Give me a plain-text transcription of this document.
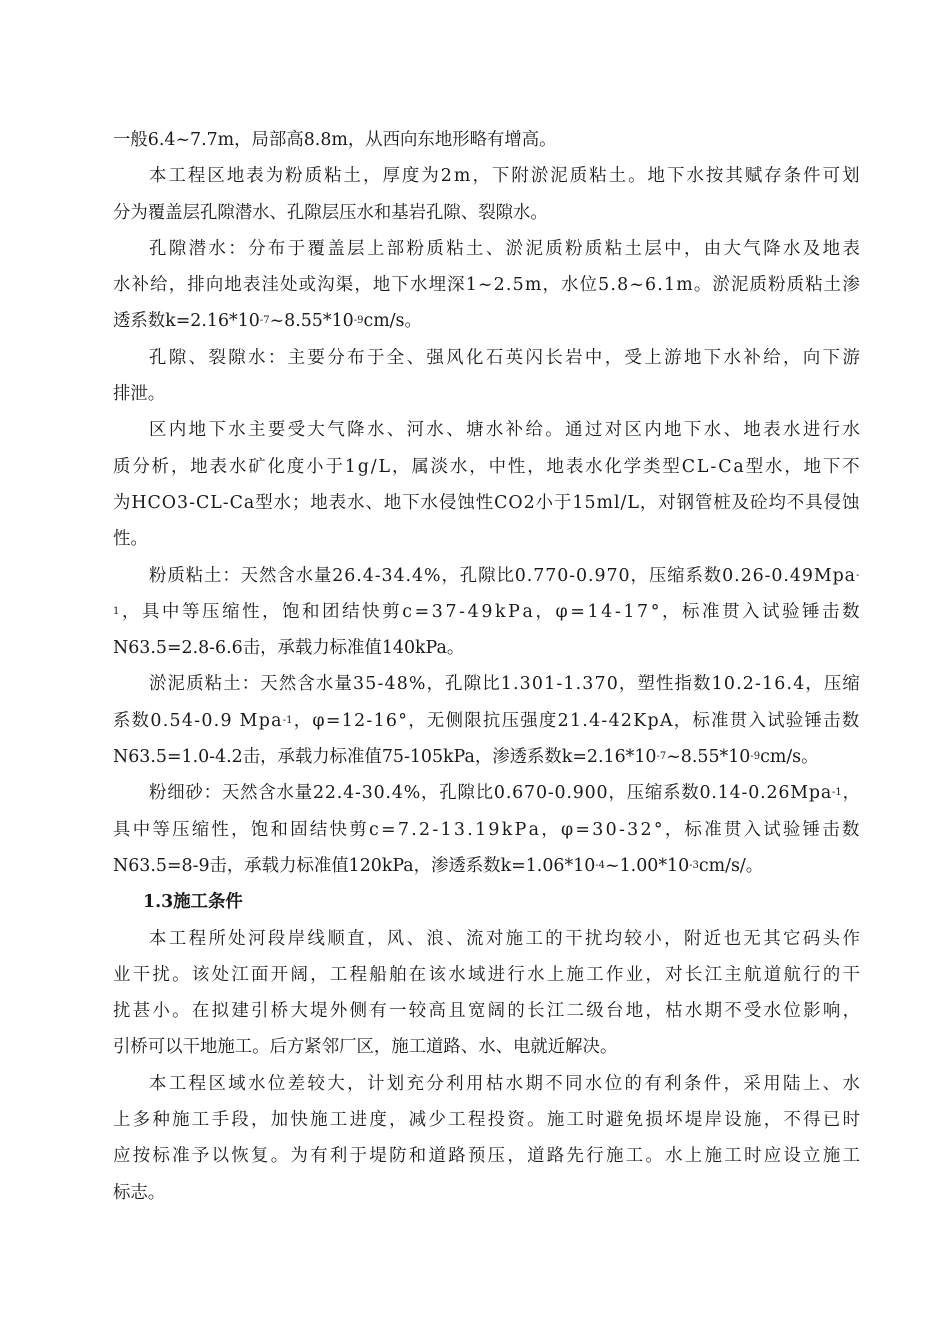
一般6.4~7.7m，局部高8.8m，从西向东地形略有增高。
本 工 程 区 地 表 为 粉 质 粘 土 ， 厚 度 为 2 m ， 下 附 淤 泥 质 粘 土 。 地 下 水 按 其 赋 存 条 件 可 划
分为覆盖层孔隙潜水、孔隙层压水和基岩孔隙、裂隙水。
孔 隙 潜 水 ： 分 布 于 覆 盖 层 上 部 粉 质 粘 土 、 淤 泥 质 粉 质 粘 土 层 中 ， 由 大 气 降 水 及 地 表
水 补 给 ， 排 向 地 表 洼 处 或 沟 渠 ， 地 下 水 埋 深 1 ~ 2 . 5 m ， 水 位 5 . 8 ~ 6 . 1 m 。 淤 泥 质 粉 质 粘 土 渗
透系数$k=2.16*10^{-7}$ $\sim 8.55*10^{-9}$ cm/s。
孔 隙 、 裂 隙 水 ： 主 要 分 布 于 全 、 强 风 化 石 英 闪 长 岩 中 ， 受 上 游 地 下 水 补 给 ， 向 下 游
排泄。
区 内 地 下 水 主 要 受 大 气 降 水 、 河 水 、 塘 水 补 给 。 通 过 对 区 内 地 下 水 、 地 表 水 进 行 水
质 分 析 ， 地 表 水 矿 化 度 小 于 1 g / L ， 属 淡 水 ， 中 性 ， 地 表 水 化 学 类 型 C L - C a 型 水 ， 地 下 不
为 H C O 3 - C L - C a 型 水 ； 地 表 水 、 地 下 水 侵 蚀 性 C O 2 小 于 1 5 m l / L ， 对 钢 管 桩 及 砼 均 不 具 侵 蚀
性。
粉 质 粘 土 ： 天 然 含 水 量 2 6 . 4 - 3 4 . 4 % ， 孔 隙 比 0 . 7 7 0 - 0 . 9 7 0 ， 压 缩 系 数 0 . 2 6 - 0 . 4 9 M p a-
$^1$ ， 具 中 等 压 缩 性 ， 饱 和 团 结 快 剪 c = 3 7 - 4 9 k P a ， φ = 1 4 - 1 7 ° ， 标 准 贯 入 试 验 锤 击 数
N63.5=2.8-6.6击，承载力标准值140kPa。
淤 泥 质 粘 土 ： 天 然 含 水 量 3 5 - 4 8 % ， 孔 隙 比 1 . 3 0 1 - 1 . 3 7 0 ， 塑 性 指 数 1 0 . 2 - 1 6 . 4 ， 压 缩
系 数 0 . 5 4 - 0 . 9
M p $a^{-1}$ ， φ = 1 2 - 1 6 ° ， 无 侧 限 抗 压 强 度 2 1 . 4 - 4 2 K p A ， 标 准 贯 入 试 验 锤 击 数
N63.5=1.0-4.2击，承载力标准值75-105kPa，渗透系数$k=2.16*10^{-7}$ $\sim 8.55*10^{-9}$ cm/s。
粉 细 砂 ： 天 然 含 水 量 2 2 . 4 - 3 0 . 4 % ， 孔 隙 比 0 . 6 7 0 - 0 . 9 0 0 ， 压 缩 系 数 0 . 1 4 - 0 . 2 6 M p $a^{-1}$ ，
具 中 等 压 缩 性 ， 饱 和 固 结 快 剪 c = 7 . 2 - 1 3 . 1 9 k P a ， φ = 3 0 - 3 2 ° ， 标 准 贯 入 试 验 锤 击 数
N63.5=8-9击，承载力标准值120kPa，渗透系数$k=1.06*10^{-4}$ $\sim 1.00*10^{-3}$ cm/s/。
1.3施工条件
本 工 程 所 处 河 段 岸 线 顺 直 ， 风 、 浪 、 流 对 施 工 的 干 扰 均 较 小 ， 附 近 也 无 其 它 码 头 作
业 干 扰 。 该 处 江 面 开 阔 ， 工 程 船 舶 在 该 水 域 进 行 水 上 施 工 作 业 ， 对 长 江 主 航 道 航 行 的 干
扰 甚 小 。 在 拟 建 引 桥 大 堤 外 侧 有 一 较 高 且 宽 阔 的 长 江 二 级 台 地 ， 枯 水 期 不 受 水 位 影 响 ，
引桥可以干地施工。后方紧邻厂区，施工道路、水、电就近解决。
本 工 程 区 域 水 位 差 较 大 ， 计 划 充 分 利 用 枯 水 期 不 同 水 位 的 有 利 条 件 ， 采 用 陆 上 、 水
上 多 种 施 工 手 段 ， 加 快 施 工 进 度 ， 减 少 工 程 投 资 。 施 工 时 避 免 损 坏 堤 岸 设 施 ， 不 得 已 时
应 按 标 准 予 以 恢 复 。 为 有 利 于 堤 防 和 道 路 预 压 ， 道 路 先 行 施 工 。 水 上 施 工 时 应 设 立 施 工
标志。
